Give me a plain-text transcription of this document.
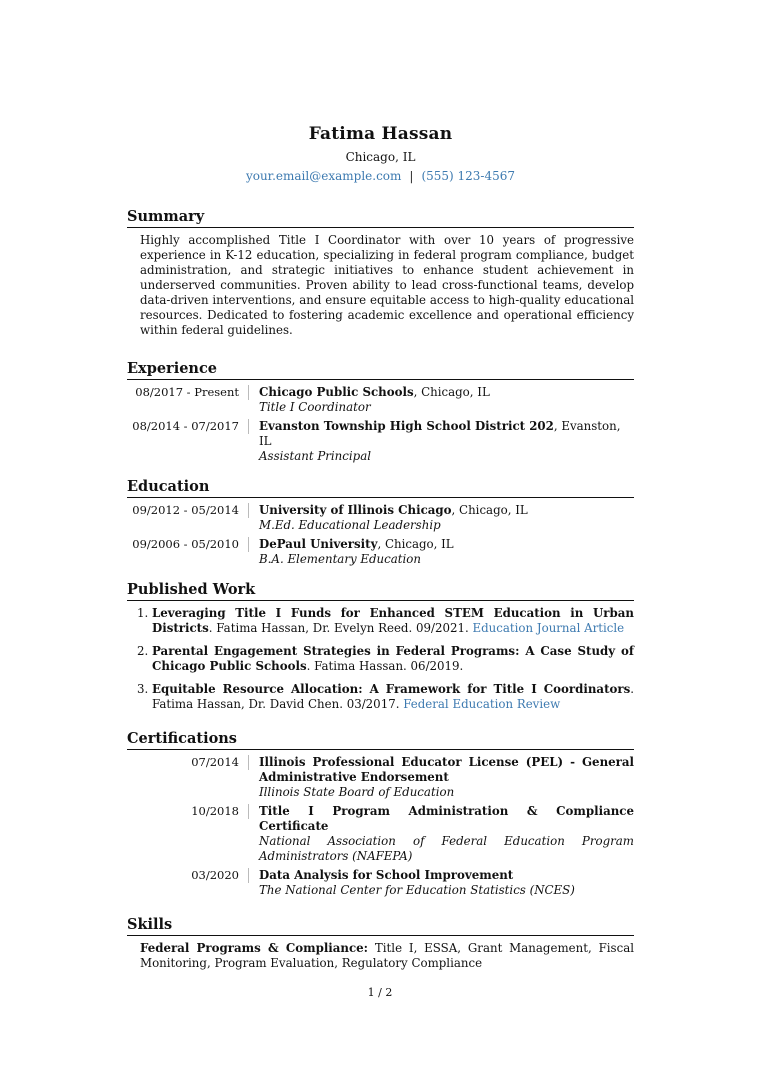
Fatima Hassan
Chicago, IL
your.email@example.com | (555) 123-4567
Summary
Highly accomplished Title I Coordinator with over 10 years of progressive experience in K-12 education, specializing in federal program compliance, budget administration, and strategic initiatives to enhance student achievement in underserved communities. Proven ability to lead cross-functional teams, develop data-driven interventions, and ensure equitable access to high-quality educational resources. Dedicated to fostering academic excellence and operational efficiency within federal guidelines.
Experience
08/2017 - Present	Chicago Public Schools, Chicago, IL
Title I Coordinator
08/2014 - 07/2017	Evanston Township High School District 202, Evanston, IL
Assistant Principal
Education
09/2012 - 05/2014	University of Illinois Chicago, Chicago, IL
M.Ed. Educational Leadership
09/2006 - 05/2010	DePaul University, Chicago, IL
B.A. Elementary Education
Published Work
1. Leveraging Title I Funds for Enhanced STEM Education in Urban Districts. Fatima Hassan, Dr. Evelyn Reed. 09/2021. Education Journal Article
2. Parental Engagement Strategies in Federal Programs: A Case Study of Chicago Public Schools. Fatima Hassan. 06/2019.
3. Equitable Resource Allocation: A Framework for Title I Coordinators. Fatima Hassan, Dr. David Chen. 03/2017. Federal Education Review
Certifications
07/2014	Illinois Professional Educator License (PEL) - General Administrative Endorsement
Illinois State Board of Education
10/2018	Title I Program Administration & Compliance Certificate
National Association of Federal Education Program Administrators (NAFEPA)
03/2020	Data Analysis for School Improvement
The National Center for Education Statistics (NCES)
Skills
Federal Programs & Compliance: Title I, ESSA, Grant Management, Fiscal Monitoring, Program Evaluation, Regulatory Compliance
1 / 2
